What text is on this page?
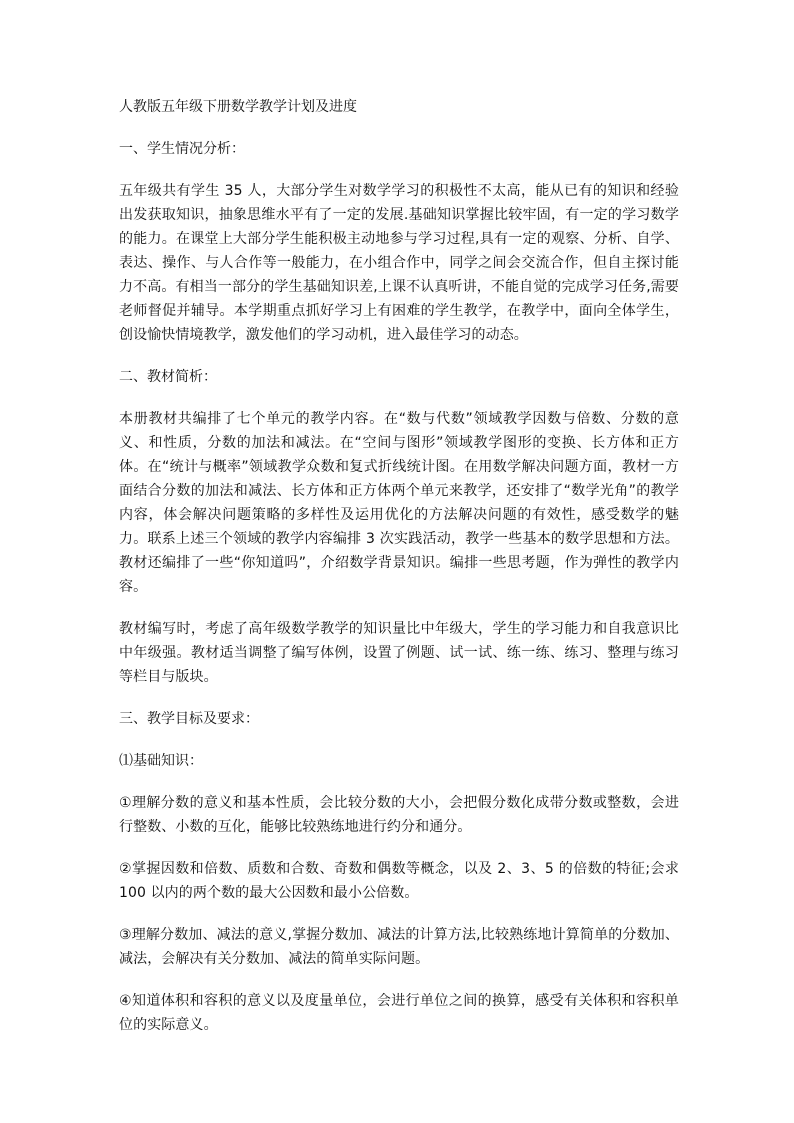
人教版五年级下册数学教学计划及进度

一、学生情况分析：

五年级共有学生 35 人，大部分学生对数学学习的积极性不太高，能从已有的知识和经验出发获取知识，抽象思维水平有了一定的发展.基础知识掌握比较牢固，有一定的学习数学的能力。在课堂上大部分学生能积极主动地参与学习过程,具有一定的观察、分析、自学、表达、操作、与人合作等一般能力，在小组合作中，同学之间会交流合作，但自主探讨能力不高。有相当一部分的学生基础知识差,上课不认真听讲，不能自觉的完成学习任务,需要老师督促并辅导。本学期重点抓好学习上有困难的学生教学，在教学中，面向全体学生，创设愉快情境教学，激发他们的学习动机，进入最佳学习的动态。

二、教材简析：

本册教材共编排了七个单元的教学内容。在“数与代数”领域教学因数与倍数、分数的意义、和性质，分数的加法和减法。在“空间与图形”领域教学图形的变换、长方体和正方体。在“统计与概率”领域教学众数和复式折线统计图。在用数学解决问题方面，教材一方面结合分数的加法和减法、长方体和正方体两个单元来教学，还安排了“数学光角”的教学内容，体会解决问题策略的多样性及运用优化的方法解决问题的有效性，感受数学的魅力。联系上述三个领域的教学内容编排 3 次实践活动，教学一些基本的数学思想和方法。教材还编排了一些“你知道吗”，介绍数学背景知识。编排一些思考题，作为弹性的教学内容。

教材编写时，考虑了高年级数学教学的知识量比中年级大，学生的学习能力和自我意识比中年级强。教材适当调整了编写体例，设置了例题、试一试、练一练、练习、整理与练习等栏目与版块。

三、教学目标及要求：

⑴基础知识：

①理解分数的意义和基本性质，会比较分数的大小，会把假分数化成带分数或整数，会进行整数、小数的互化，能够比较熟练地进行约分和通分。

②掌握因数和倍数、质数和合数、奇数和偶数等概念，以及 2、3、5 的倍数的特征;会求 100 以内的两个数的最大公因数和最小公倍数。

③理解分数加、减法的意义,掌握分数加、减法的计算方法,比较熟练地计算简单的分数加、减法，会解决有关分数加、减法的简单实际问题。

④知道体积和容积的意义以及度量单位，会进行单位之间的换算，感受有关体积和容积单位的实际意义。
